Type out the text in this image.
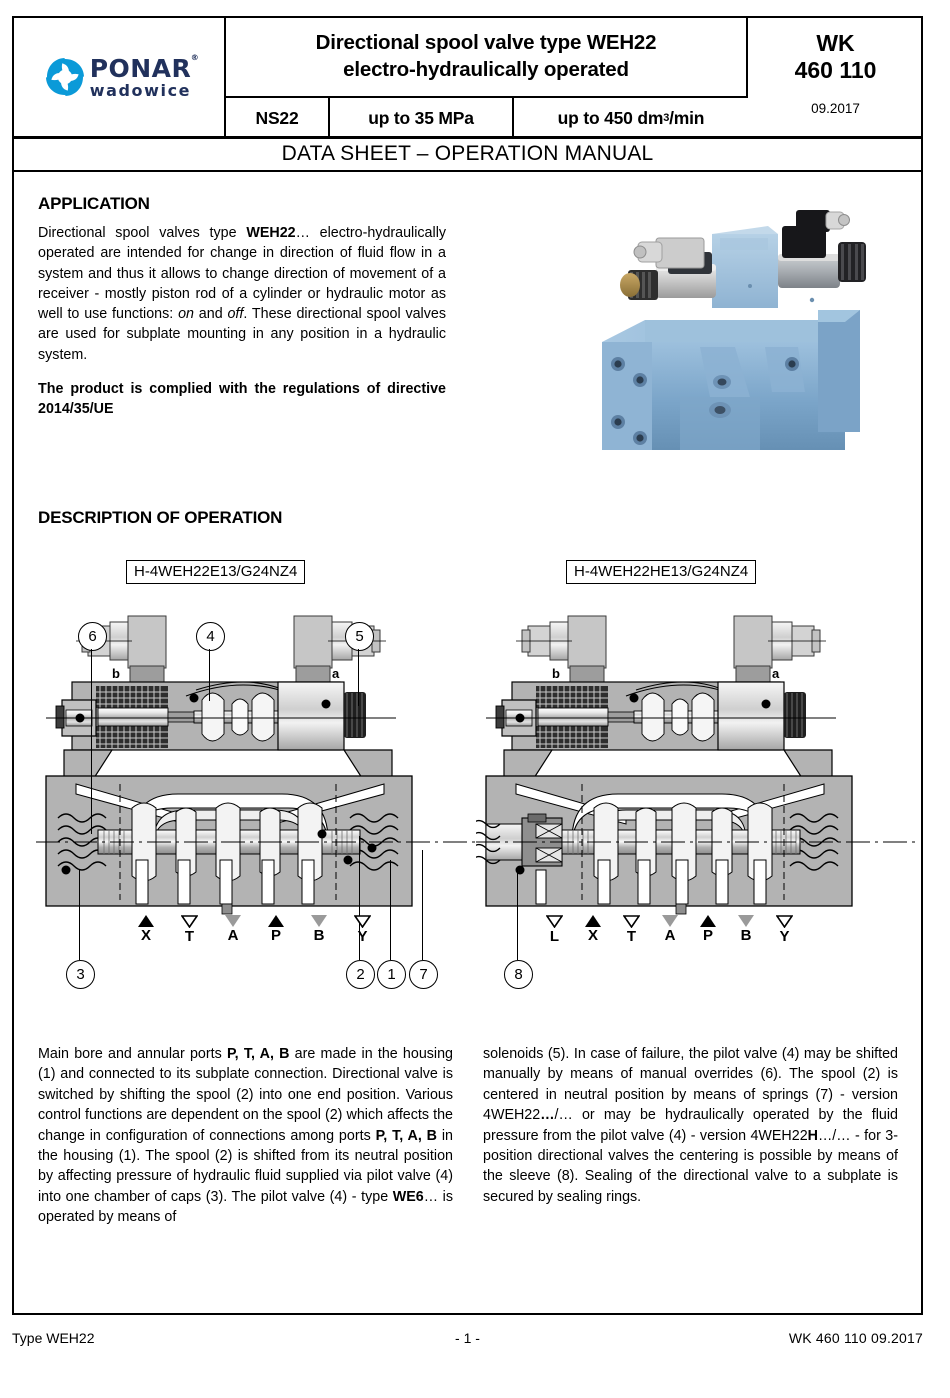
PONAR ®
wadowice
Directional spool valve type WEH22
electro-hydraulically operated
NS22	up to 35 MPa	up to 450 dm 3 /min
WK
460 110
09.2017
DATA SHEET – OPERATION MANUAL
APPLICATION

Directional spool valves type WEH22… electro-hydraulically operated are intended for change in direction of fluid flow in a system and thus it allows to change direction of movement of a receiver - mostly piston rod of a cylinder or hydraulic motor as well to use functions: on and off. These directional spool valves are used for subplate mounting in any position in a hydraulic system.

The product is complied with the regulations of directive 2014/35/UE

DESCRIPTION OF OPERATION
H-4WEH22E13/G24NZ4	H-4WEH22HE13/G24NZ4
b	a
6	4	5
3	2 1 7
X T A P B Y
b	a
8
L X T A P B Y

Main bore and annular ports P, T, A, B are made in the housing (1) and connected to its subplate connection. Directional valve is switched by shifting the spool (2) into one end position. Various control functions are dependent on the spool (2) which affects the change in configuration of connections among ports P, T, A, B in the housing (1). The spool (2) is shifted from its neutral position by affecting pressure of hydraulic fluid supplied via pilot valve (4) into one chamber of caps (3). The pilot valve (4) - type WE6… is operated by means of

solenoids (5). In case of failure, the pilot valve (4) may be shifted manually by means of manual overrides (6). The spool (2) is centered in neutral position by means of springs (7) - version 4WEH22…/… or may be hydraulically operated by the fluid pressure from the pilot valve (4) - version 4WEH22H…/… - for 3-position directional valves the centering is possible by means of the sleeve (8). Sealing of the directional valve to a subplate is secured by sealing rings.

Type WEH22	- 1 -	WK 460 110 09.2017
